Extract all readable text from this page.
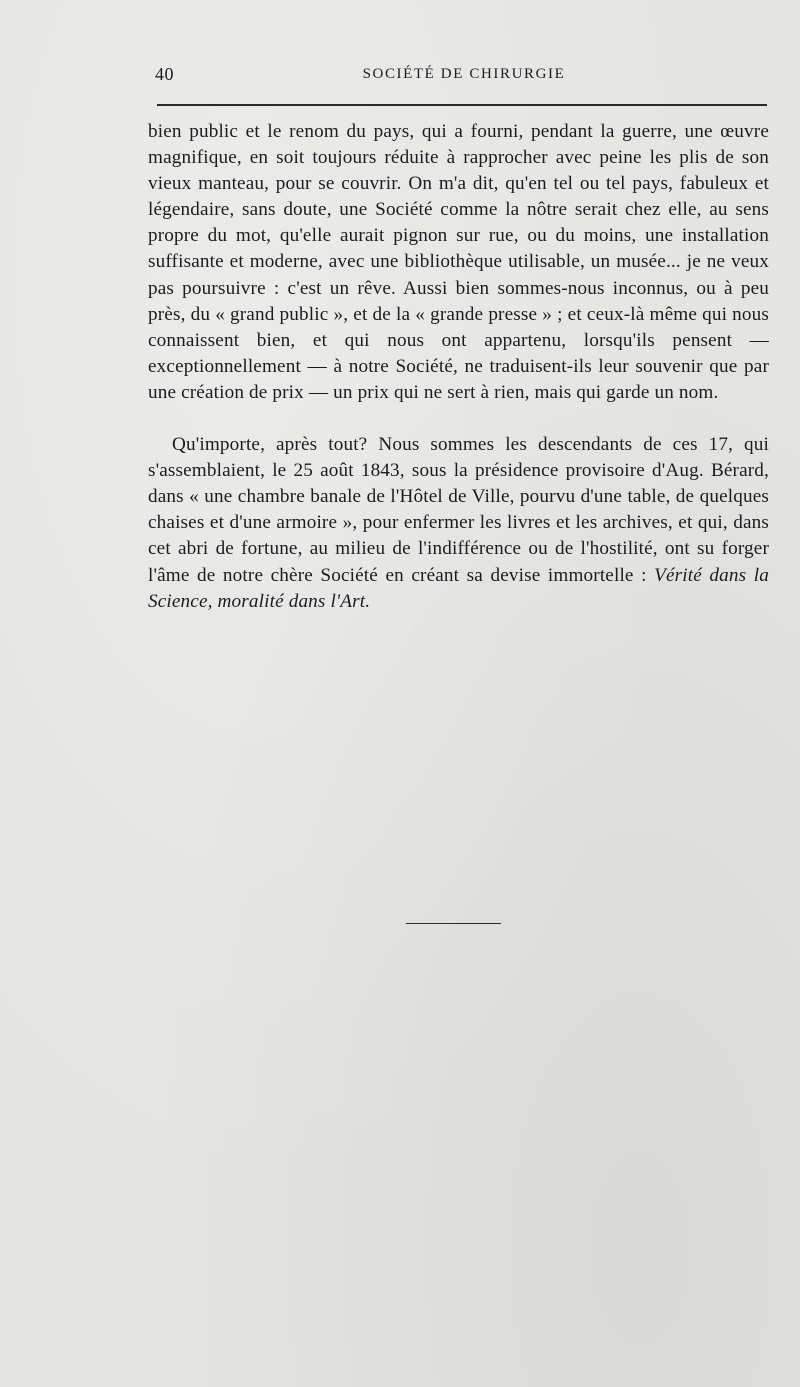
40	SOCIÉTÉ DE CHIRURGIE

bien public et le renom du pays, qui a fourni, pendant la guerre, une œuvre magnifique, en soit toujours réduite à rapprocher avec peine les plis de son vieux manteau, pour se couvrir. On m'a dit, qu'en tel ou tel pays, fabuleux et légendaire, sans doute, une Société comme la nôtre serait chez elle, au sens propre du mot, qu'elle aurait pignon sur rue, ou du moins, une installation suffisante et moderne, avec une bibliothèque utilisable, un musée... je ne veux pas poursuivre : c'est un rêve. Aussi bien sommes-nous inconnus, ou à peu près, du « grand public », et de la « grande presse » ; et ceux-là même qui nous connaissent bien, et qui nous ont appartenu, lorsqu'ils pensent — exceptionnellement — à notre Société, ne traduisent-ils leur souvenir que par une création de prix — un prix qui ne sert à rien, mais qui garde un nom.

Qu'importe, après tout? Nous sommes les descendants de ces 17, qui s'assemblaient, le 25 août 1843, sous la présidence provisoire d'Aug. Bérard, dans « une chambre banale de l'Hôtel de Ville, pourvu d'une table, de quelques chaises et d'une armoire », pour enfermer les livres et les archives, et qui, dans cet abri de fortune, au milieu de l'indifférence ou de l'hostilité, ont su forger l'âme de notre chère Société en créant sa devise immortelle : Vérité dans la Science, moralité dans l'Art.
